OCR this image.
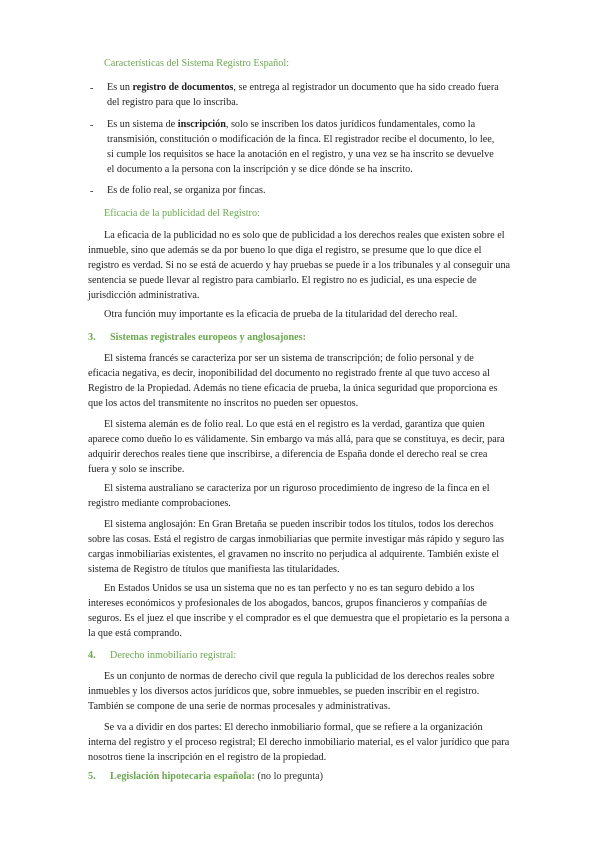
Características del Sistema Registro Español:
- Es un registro de documentos, se entrega al registrador un documento que ha sido creado fuera
del registro para que lo inscriba.
- Es un sistema de inscripción, solo se inscriben los datos jurídicos fundamentales, como la
transmisión, constitución o modificación de la finca. El registrador recibe el documento, lo lee,
si cumple los requisitos se hace la anotación en el registro, y una vez se ha inscrito se devuelve
el documento a la persona con la inscripción y se dice dónde se ha inscrito.
- Es de folio real, se organiza por fincas.
Eficacia de la publicidad del Registro:
La eficacia de la publicidad no es solo que de publicidad a los derechos reales que existen sobre el
inmueble, sino que además se da por bueno lo que diga el registro, se presume que lo que dice el
registro es verdad. Si no se está de acuerdo y hay pruebas se puede ir a los tribunales y al conseguir una
sentencia se puede llevar al registro para cambiarlo. El registro no es judicial, es una especie de
jurisdicción administrativa.
Otra función muy importante es la eficacia de prueba de la titularidad del derecho real.
3. Sistemas registrales europeos y anglosajones:
El sistema francés se caracteriza por ser un sistema de transcripción; de folio personal y de
eficacia negativa, es decir, inoponibilidad del documento no registrado frente al que tuvo acceso al
Registro de la Propiedad. Además no tiene eficacia de prueba, la única seguridad que proporciona es
que los actos del transmitente no inscritos no pueden ser opuestos.
El sistema alemán es de folio real. Lo que está en el registro es la verdad, garantiza que quien
aparece como dueño lo es válidamente. Sin embargo va más allá, para que se constituya, es decir, para
adquirir derechos reales tiene que inscribirse, a diferencia de España donde el derecho real se crea
fuera y solo se inscribe.
El sistema australiano se caracteriza por un riguroso procedimiento de ingreso de la finca en el
registro mediante comprobaciones.
El sistema anglosajón: En Gran Bretaña se pueden inscribir todos los títulos, todos los derechos
sobre las cosas. Está el registro de cargas inmobiliarias que permite investigar más rápido y seguro las
cargas inmobiliarias existentes, el gravamen no inscrito no perjudica al adquirente. También existe el
sistema de Registro de títulos que manifiesta las titularidades.
En Estados Unidos se usa un sistema que no es tan perfecto y no es tan seguro debido a los
intereses económicos y profesionales de los abogados, bancos, grupos financieros y compañías de
seguros. Es el juez el que inscribe y el comprador es el que demuestra que el propietario es la persona a
la que está comprando.
4. Derecho inmobiliario registral:
Es un conjunto de normas de derecho civil que regula la publicidad de los derechos reales sobre
inmuebles y los diversos actos jurídicos que, sobre inmuebles, se pueden inscribir en el registro.
También se compone de una serie de normas procesales y administrativas.
Se va a dividir en dos partes: El derecho inmobiliario formal, que se refiere a la organización
interna del registro y el proceso registral; El derecho inmobiliario material, es el valor jurídico que para
nosotros tiene la inscripción en el registro de la propiedad.
5. Legislación hipotecaria española: (no lo pregunta)
